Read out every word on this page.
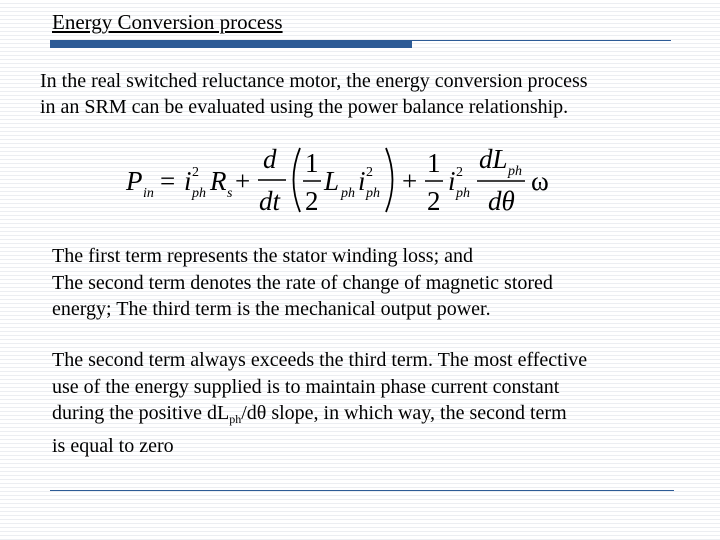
Energy Conversion process
In the real switched reluctance motor, the energy conversion process
in an SRM can be evaluated using the power balance relationship.
P in = i 2
ph R s +
d
dt
1
2
L ph i 2
ph +
1
2
i 2
ph
dL ph
dθ
ω
The first term represents the stator winding loss; and
The second term denotes the rate of change of magnetic stored
energy; The third term is the mechanical output power.
The second term always exceeds the third term. The most effective
use of the energy supplied is to maintain phase current constant
during the positive $dL_{ph}/d\theta$ slope, in which way, the second term
is equal to zero
